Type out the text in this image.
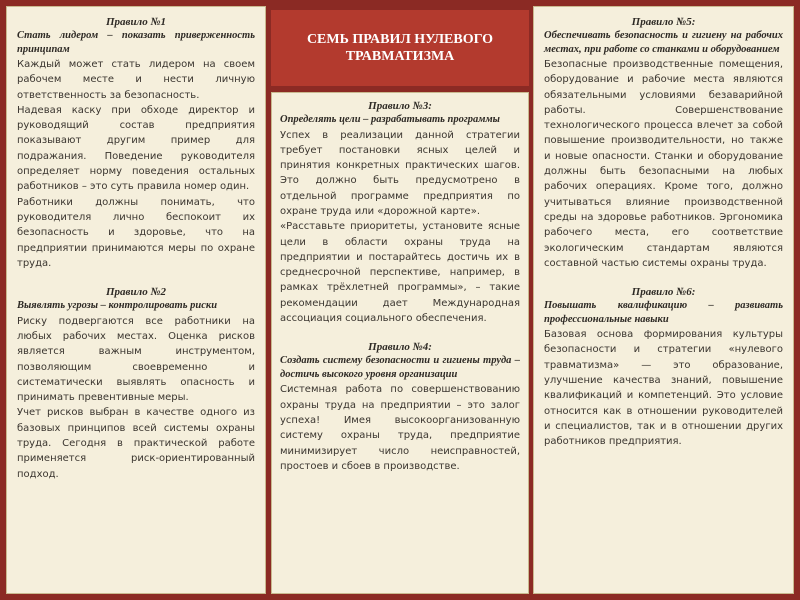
Правило №1

Стать лидером – показать приверженность принципам

Каждый может стать лидером на своем рабочем месте и нести личную ответственность за безопасность.

Надевая каску при обходе директор и руководящий состав предприятия показывают другим пример для подражания. Поведение руководителя определяет норму поведения остальных работников – это суть правила номер один.

Работники должны понимать, что руководителя лично беспокоит их безопасность и здоровье, что на предприятии принимаются меры по охране труда.

Правило №2

Выявлять угрозы – контролировать риски

Риску подвергаются все работники на любых рабочих местах. Оценка рисков является важным инструментом, позволяющим своевременно и систематически выявлять опасность и принимать превентивные меры.

Учет рисков выбран в качестве одного из базовых принципов всей системы охраны труда. Сегодня в практической работе применяется риск-ориентированный подход.

СЕМЬ ПРАВИЛ НУЛЕВОГО ТРАВМАТИЗМА

Правило №3:

Определять цели – разрабатывать программы

Успех в реализации данной стратегии требует постановки ясных целей и принятия конкретных практических шагов. Это должно быть предусмотрено в отдельной программе предприятия по охране труда или «дорожной карте».

«Расставьте приоритеты, установите ясные цели в области охраны труда на предприятии и постарайтесь достичь их в среднесрочной перспективе, например, в рамках трёхлетней программы», – такие рекомендации дает Международная ассоциация социального обеспечения.

Правило №4:

Создать систему безопасности и гигиены труда – достичь высокого уровня организации

Системная работа по совершенствованию охраны труда на предприятии – это залог успеха! Имея высокоорганизованную систему охраны труда, предприятие минимизирует число неисправностей, простоев и сбоев в производстве.

Правило №5:

Обеспечивать безопасность и гигиену на рабочих местах, при работе со станками и оборудованием

Безопасные производственные помещения, оборудование и рабочие места являются обязательными условиями безаварийной работы. Совершенствование технологического процесса влечет за собой повышение производительности, но также и новые опасности. Станки и оборудование должны быть безопасными на любых рабочих операциях. Кроме того, должно учитываться влияние производственной среды на здоровье работников. Эргономика рабочего места, его соответствие экологическим стандартам являются составной частью системы охраны труда.

Правило №6:

Повышать квалификацию – развивать профессиональные навыки

Базовая основа формирования культуры безопасности и стратегии «нулевого травматизма» — это образование, улучшение качества знаний, повышение квалификаций и компетенций. Это условие относится как в отношении руководителей и специалистов, так и в отношении других работников предприятия.
